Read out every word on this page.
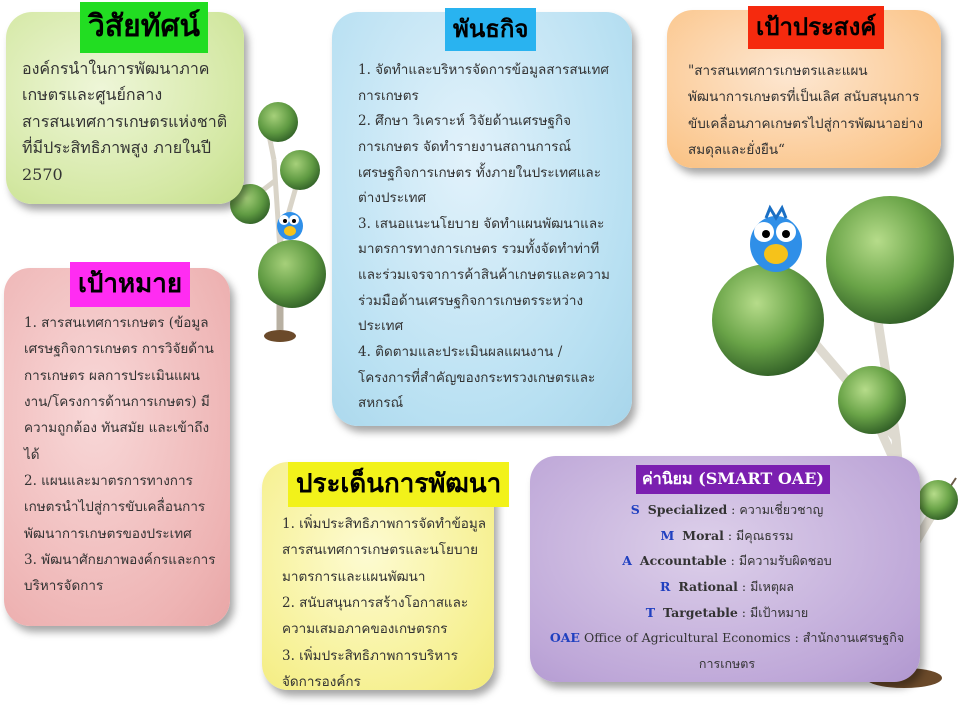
วิสัยทัศน์
องค์กรนำในการพัฒนาภาคเกษตรและศูนย์กลางสารสนเทศการเกษตรแห่งชาติที่มีประสิทธิภาพสูง ภายในปี 2570
พันธกิจ
1. จัดทำและบริหารจัดการข้อมูลสารสนเทศการเกษตร
2. ศึกษา วิเคราะห์ วิจัยด้านเศรษฐกิจการเกษตร จัดทำรายงานสถานการณ์เศรษฐกิจการเกษตร ทั้งภายในประเทศและต่างประเทศ
3. เสนอแนะนโยบาย จัดทำแผนพัฒนาและมาตรการทางการเกษตร รวมทั้งจัดทำท่าทีและร่วมเจรจาการค้าสินค้าเกษตรและความร่วมมือด้านเศรษฐกิจการเกษตรระหว่างประเทศ
4. ติดตามและประเมินผลแผนงาน / โครงการที่สำคัญของกระทรวงเกษตรและสหกรณ์
เป้าประสงค์
"สารสนเทศการเกษตรและแผนพัฒนาการเกษตรที่เป็นเลิศ สนับสนุนการขับเคลื่อนภาคเกษตรไปสู่การพัฒนาอย่างสมดุลและยั่งยืน“
เป้าหมาย
1. สารสนเทศการเกษตร (ข้อมูลเศรษฐกิจการเกษตร การวิจัยด้านการเกษตร ผลการประเมินแผนงาน/โครงการด้านการเกษตร) มีความถูกต้อง ทันสมัย และเข้าถึงได้
2. แผนและมาตรการทางการเกษตรนำไปสู่การขับเคลื่อนการพัฒนาการเกษตรของประเทศ
3. พัฒนาศักยภาพองค์กรและการบริหารจัดการ
ประเด็นการพัฒนา
1. เพิ่มประสิทธิภาพการจัดทำข้อมูลสารสนเทศการเกษตรและนโยบาย มาตรการและแผนพัฒนา
2. สนับสนุนการสร้างโอกาสและความเสมอภาคของเกษตรกร
3. เพิ่มประสิทธิภาพการบริหารจัดการองค์กร
ค่านิยม (SMART OAE)
S Specialized : ความเชี่ยวชาญ
M Moral : มีคุณธรรม
A Accountable : มีความรับผิดชอบ
R Rational : มีเหตุผล
T Targetable : มีเป้าหมาย
OAE Office of Agricultural Economics : สำนักงานเศรษฐกิจการเกษตร
